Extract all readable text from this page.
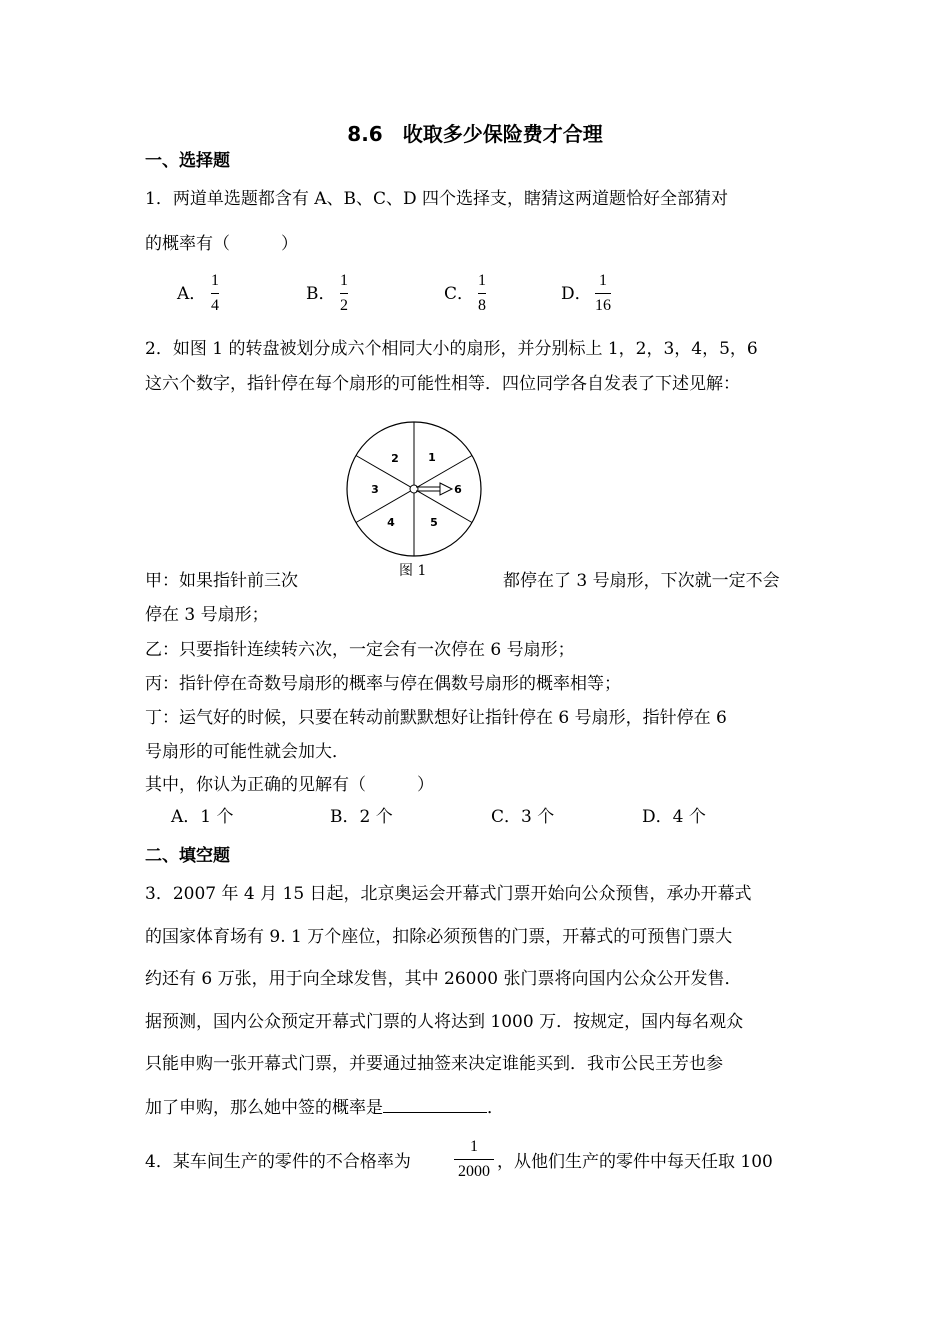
8.6　收取多少保险费才合理
一、选择题
1．两道单选题都含有 A、B、C、D 四个选择支，瞎猜这两道题恰好全部猜对
的概率有（　　　）
A．
1
4
B．
1
2
C．
1
8
D．
1
16
2．如图 1 的转盘被划分成六个相同大小的扇形，并分别标上 1，2，3，4，5，6
这六个数字，指针停在每个扇形的可能性相等．四位同学各自发表了下述见解：
1
2
3
4	5
6
图 1
甲：如果指针前三次	都停在了 3 号扇形，下次就一定不会
停在 3 号扇形；
乙：只要指针连续转六次，一定会有一次停在 6 号扇形；
丙：指针停在奇数号扇形的概率与停在偶数号扇形的概率相等；
丁：运气好的时候，只要在转动前默默想好让指针停在 6 号扇形，指针停在 6
号扇形的可能性就会加大．
其中，你认为正确的见解有（　　　）
A．1 个	B．2 个	C．3 个	D．4 个
二、填空题
3．2007 年 4 月 15 日起，北京奥运会开幕式门票开始向公众预售，承办开幕式
的国家体育场有 9. 1 万个座位，扣除必须预售的门票，开幕式的可预售门票大
约还有 6 万张，用于向全球发售，其中 26000 张门票将向国内公众公开发售．
据预测，国内公众预定开幕式门票的人将达到 1000 万．按规定，国内每名观众
只能申购一张开幕式门票，并要通过抽签来决定谁能买到．我市公民王芳也参
加了申购，那么她中签的概率是	．
4．某车间生产的零件的不合格率为
1
2000 ，从他们生产的零件中每天任取 100
